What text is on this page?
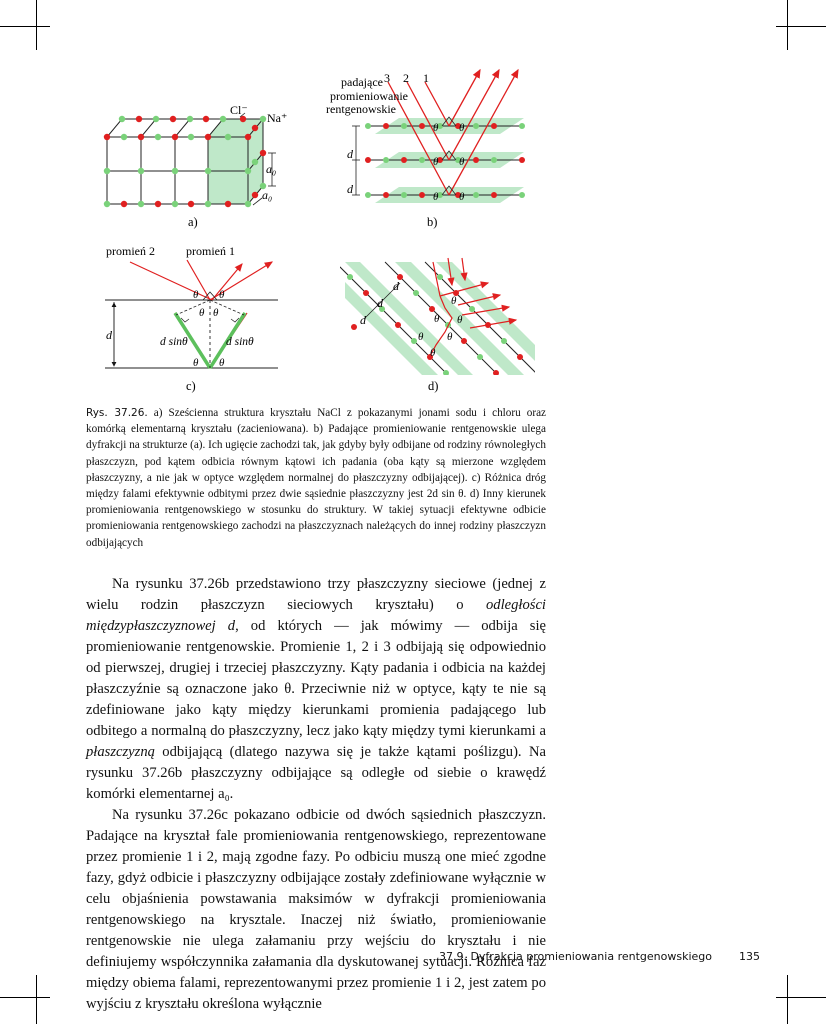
Cl⁻
Na⁺
a₀
a₀
a)
θ θ
θ θ
θ θ
d
d
padające
promieniowanie
rentgenowskie
3 2 1
b)
d
θ θ
θ θ
θ θ
d sinθ	d sinθ
promień 2	promień 1
c)
d
d
d
θ
θ θ
θ θ
θ
d)
Rys. 37.26. a) Sześcienna struktura kryształu NaCl z pokazanymi jonami sodu i chloru oraz komórką elementarną kryształu (zacieniowana). b) Padające promieniowanie rentgenowskie ulega dyfrakcji na strukturze (a). Ich ugięcie zachodzi tak, jak gdyby były odbijane od rodziny równoległych płaszczyzn, pod kątem odbicia równym kątowi ich padania (oba kąty są mierzone względem płaszczyzny, a nie jak w optyce względem normalnej do płaszczyzny odbijającej). c) Różnica dróg między falami efektywnie odbitymi przez dwie sąsiednie płaszczyzny jest 2d sin θ. d) Inny kierunek promieniowania rentgenowskiego w stosunku do struktury. W takiej sytuacji efektywne odbicie promieniowania rentgenowskiego zachodzi na płaszczyznach należących do innej rodziny płaszczyzn odbijających

Na rysunku 37.26b przedstawiono trzy płaszczyzny sieciowe (jednej z wielu rodzin płaszczyzn sieciowych kryształu) o odległości międzypłaszczyznowej d, od których — jak mówimy — odbija się promieniowanie rentgenowskie. Promienie 1, 2 i 3 odbijają się odpowiednio od pierwszej, drugiej i trzeciej płaszczyzny. Kąty padania i odbicia na każdej płaszczyźnie są oznaczone jako θ. Przeciwnie niż w optyce, kąty te nie są zdefiniowane jako kąty między kierunkami promienia padającego lub odbitego a normalną do płaszczyzny, lecz jako kąty między tymi kierunkami a płaszczyzną odbijającą (dlatego nazywa się je także kątami poślizgu). Na rysunku 37.26b płaszczyzny odbijające są odległe od siebie o krawędź komórki elementarnej a₀.

Na rysunku 37.26c pokazano odbicie od dwóch sąsiednich płaszczyzn. Padające na kryształ fale promieniowania rentgenowskiego, reprezentowane przez promienie 1 i 2, mają zgodne fazy. Po odbiciu muszą one mieć zgodne fazy, gdyż odbicie i płaszczyzny odbijające zostały zdefiniowane wyłącznie w celu objaśnienia powstawania maksimów w dyfrakcji promieniowania rentgenowskiego na krysztale. Inaczej niż światło, promieniowanie rentgenowskie nie ulega załamaniu przy wejściu do kryształu i nie definiujemy współczynnika załamania dla dyskutowanej sytuacji. Różnica faz między obiema falami, reprezentowanymi przez promienie 1 i 2, jest zatem po wyjściu z kryształu określona wyłącznie

37.9. Dyfrakcja promieniowania rentgenowskiego 135
